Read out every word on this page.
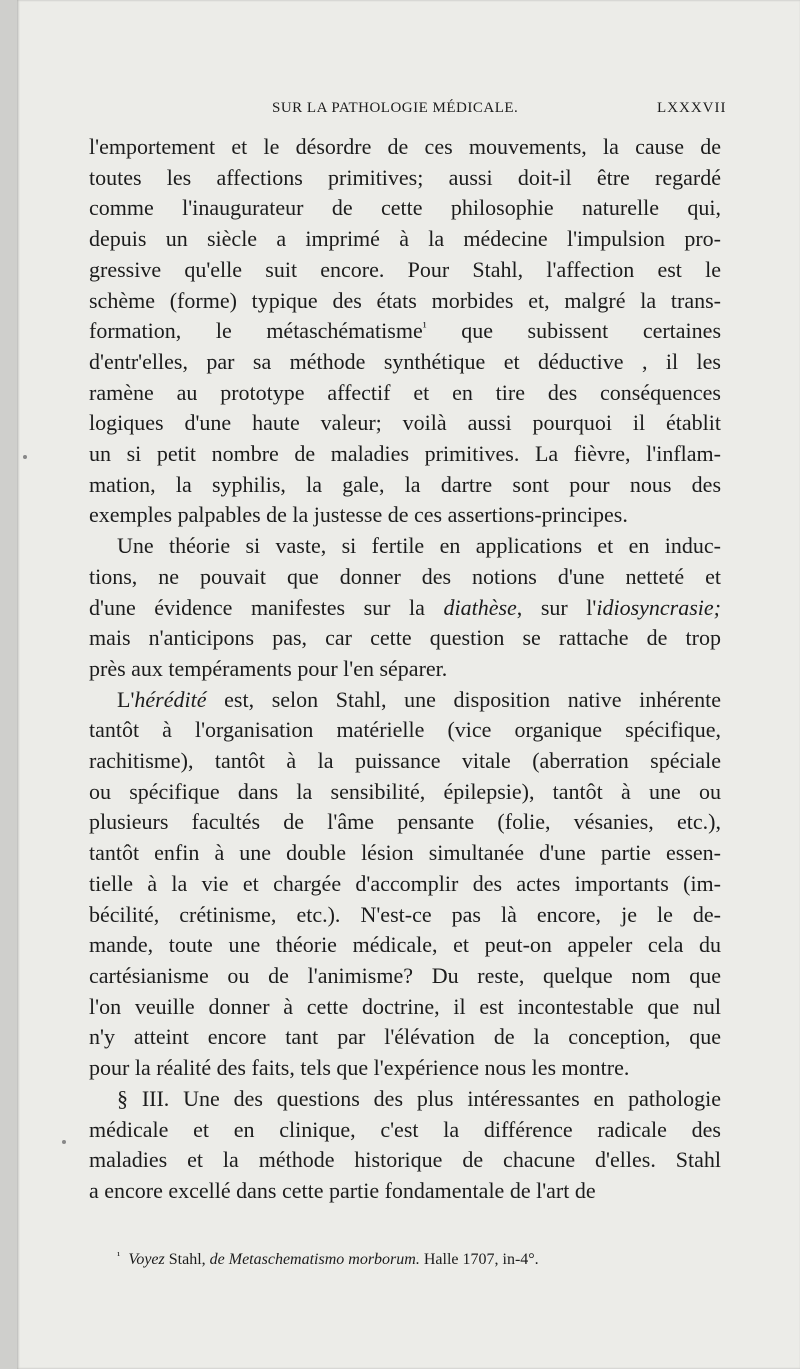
SUR LA PATHOLOGIE MÉDICALE.	LXXXVII
l'emportement et le désordre de ces mouvements, la cause de
toutes les affections primitives; aussi doit-il être regardé
comme l'inaugurateur de cette philosophie naturelle qui,
depuis un siècle a imprimé à la médecine l'impulsion pro-
gressive qu'elle suit encore. Pour Stahl, l'affection est le
schème (forme) typique des états morbides et, malgré la trans-
formation, le métaschématisme$^{^1}$ que subissent certaines
d'entr'elles, par sa méthode synthétique et déductive , il les
ramène au prototype affectif et en tire des conséquences
logiques d'une haute valeur; voilà aussi pourquoi il établit
un si petit nombre de maladies primitives. La fièvre, l'inflam-
mation, la syphilis, la gale, la dartre sont pour nous des
exemples palpables de la justesse de ces assertions-principes.
Une théorie si vaste, si fertile en applications et en induc-
tions, ne pouvait que donner des notions d'une netteté et
d'une évidence manifestes sur la diathèse, sur l'idiosyncrasie;
mais n'anticipons pas, car cette question se rattache de trop
près aux tempéraments pour l'en séparer.
L'hérédité est, selon Stahl, une disposition native inhérente
tantôt à l'organisation matérielle (vice organique spécifique,
rachitisme), tantôt à la puissance vitale (aberration spéciale
ou spécifique dans la sensibilité, épilepsie), tantôt à une ou
plusieurs facultés de l'âme pensante (folie, vésanies, etc.),
tantôt enfin à une double lésion simultanée d'une partie essen-
tielle à la vie et chargée d'accomplir des actes importants (im-
bécilité, crétinisme, etc.). N'est-ce pas là encore, je le de-
mande, toute une théorie médicale, et peut-on appeler cela du
cartésianisme ou de l'animisme? Du reste, quelque nom que
l'on veuille donner à cette doctrine, il est incontestable que nul
n'y atteint encore tant par l'élévation de la conception, que
pour la réalité des faits, tels que l'expérience nous les montre.
§ III. Une des questions des plus intéressantes en pathologie
médicale et en clinique, c'est la différence radicale des
maladies et la méthode historique de chacune d'elles. Stahl
a encore excellé dans cette partie fondamentale de l'art de
$^{^1}$ Voyez Stahl, de Metaschematismo morborum. Halle 1707, in-4°.
